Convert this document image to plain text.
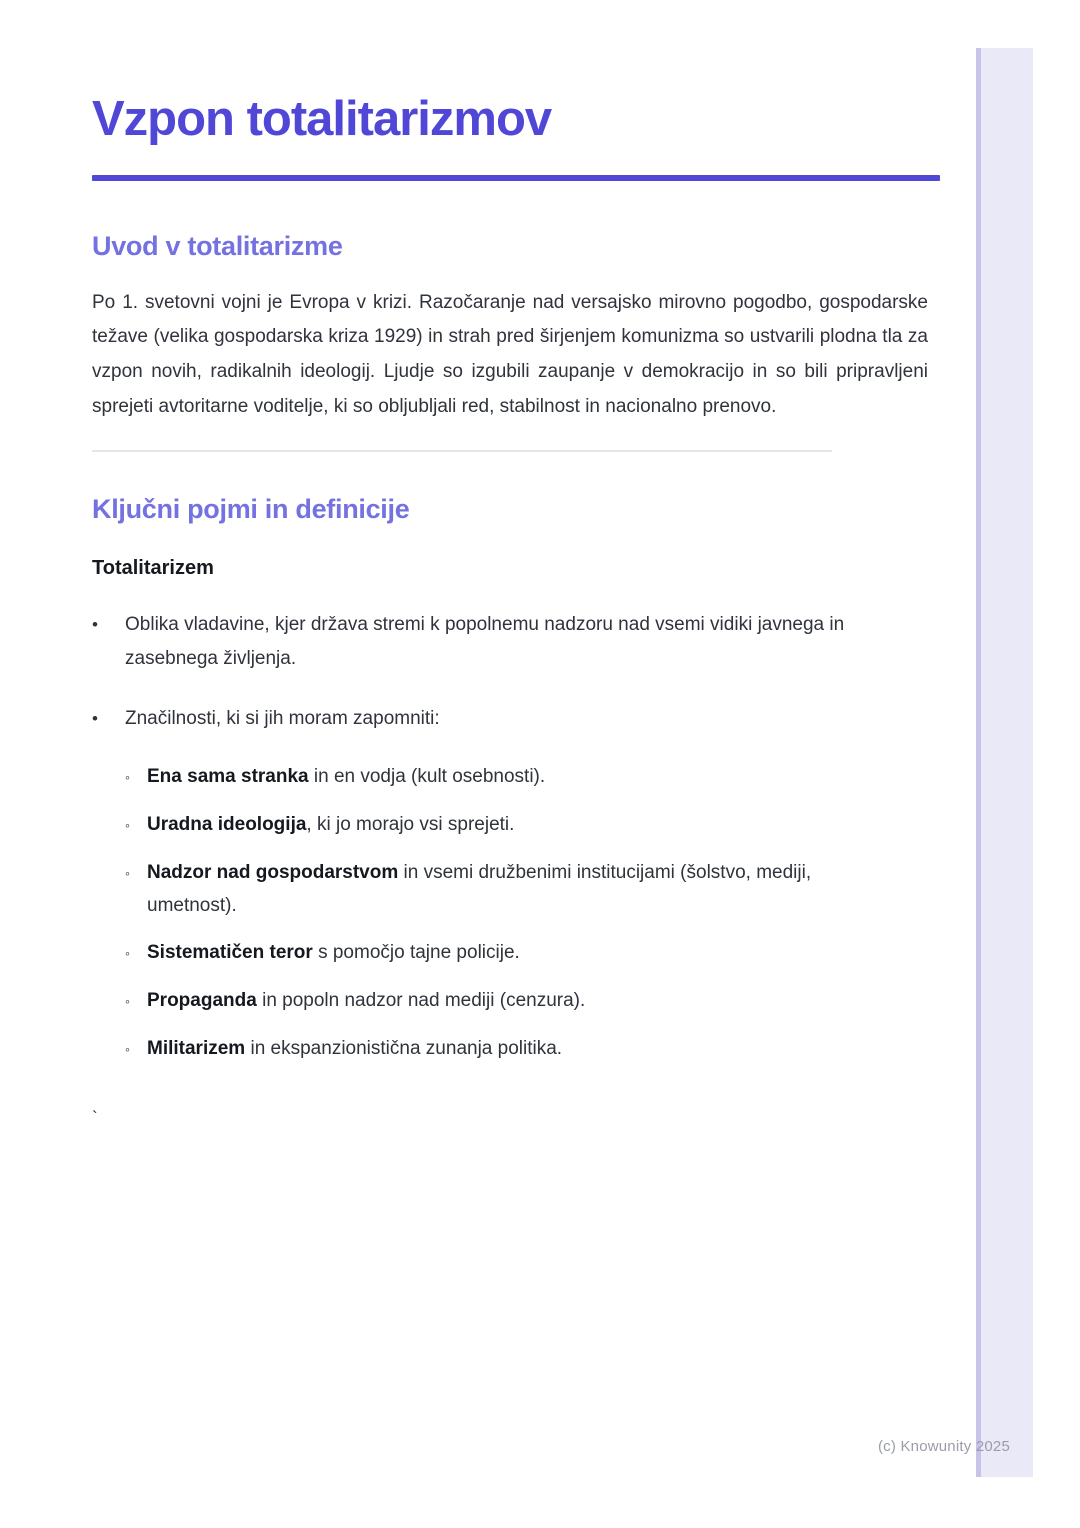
Vzpon totalitarizmov
Uvod v totalitarizme

Po 1. svetovni vojni je Evropa v krizi. Razočaranje nad versajsko mirovno pogodbo, gospodarske težave (velika gospodarska kriza 1929) in strah pred širjenjem komunizma so ustvarili plodna tla za vzpon novih, radikalnih ideologij. Ljudje so izgubili zaupanje v demokracijo in so bili pripravljeni sprejeti avtoritarne voditelje, ki so obljubljali red, stabilnost in nacionalno prenovo.

Ključni pojmi in definicije
Totalitarizem
•	Oblika vladavine, kjer država stremi k popolnemu nadzoru nad vsemi vidiki javnega in zasebnega življenja.
•	Značilnosti, ki si jih moram zapomniti:
◦ Ena sama stranka in en vodja (kult osebnosti).
◦ Uradna ideologija, ki jo morajo vsi sprejeti.
◦ Nadzor nad gospodarstvom in vsemi družbenimi institucijami (šolstvo, mediji, umetnost).
◦ Sistematičen teror s pomočjo tajne policije.
◦ Propaganda in popoln nadzor nad mediji (cenzura).
◦ Militarizem in ekspanzionistična zunanja politika.
`
(c) Knowunity 2025
